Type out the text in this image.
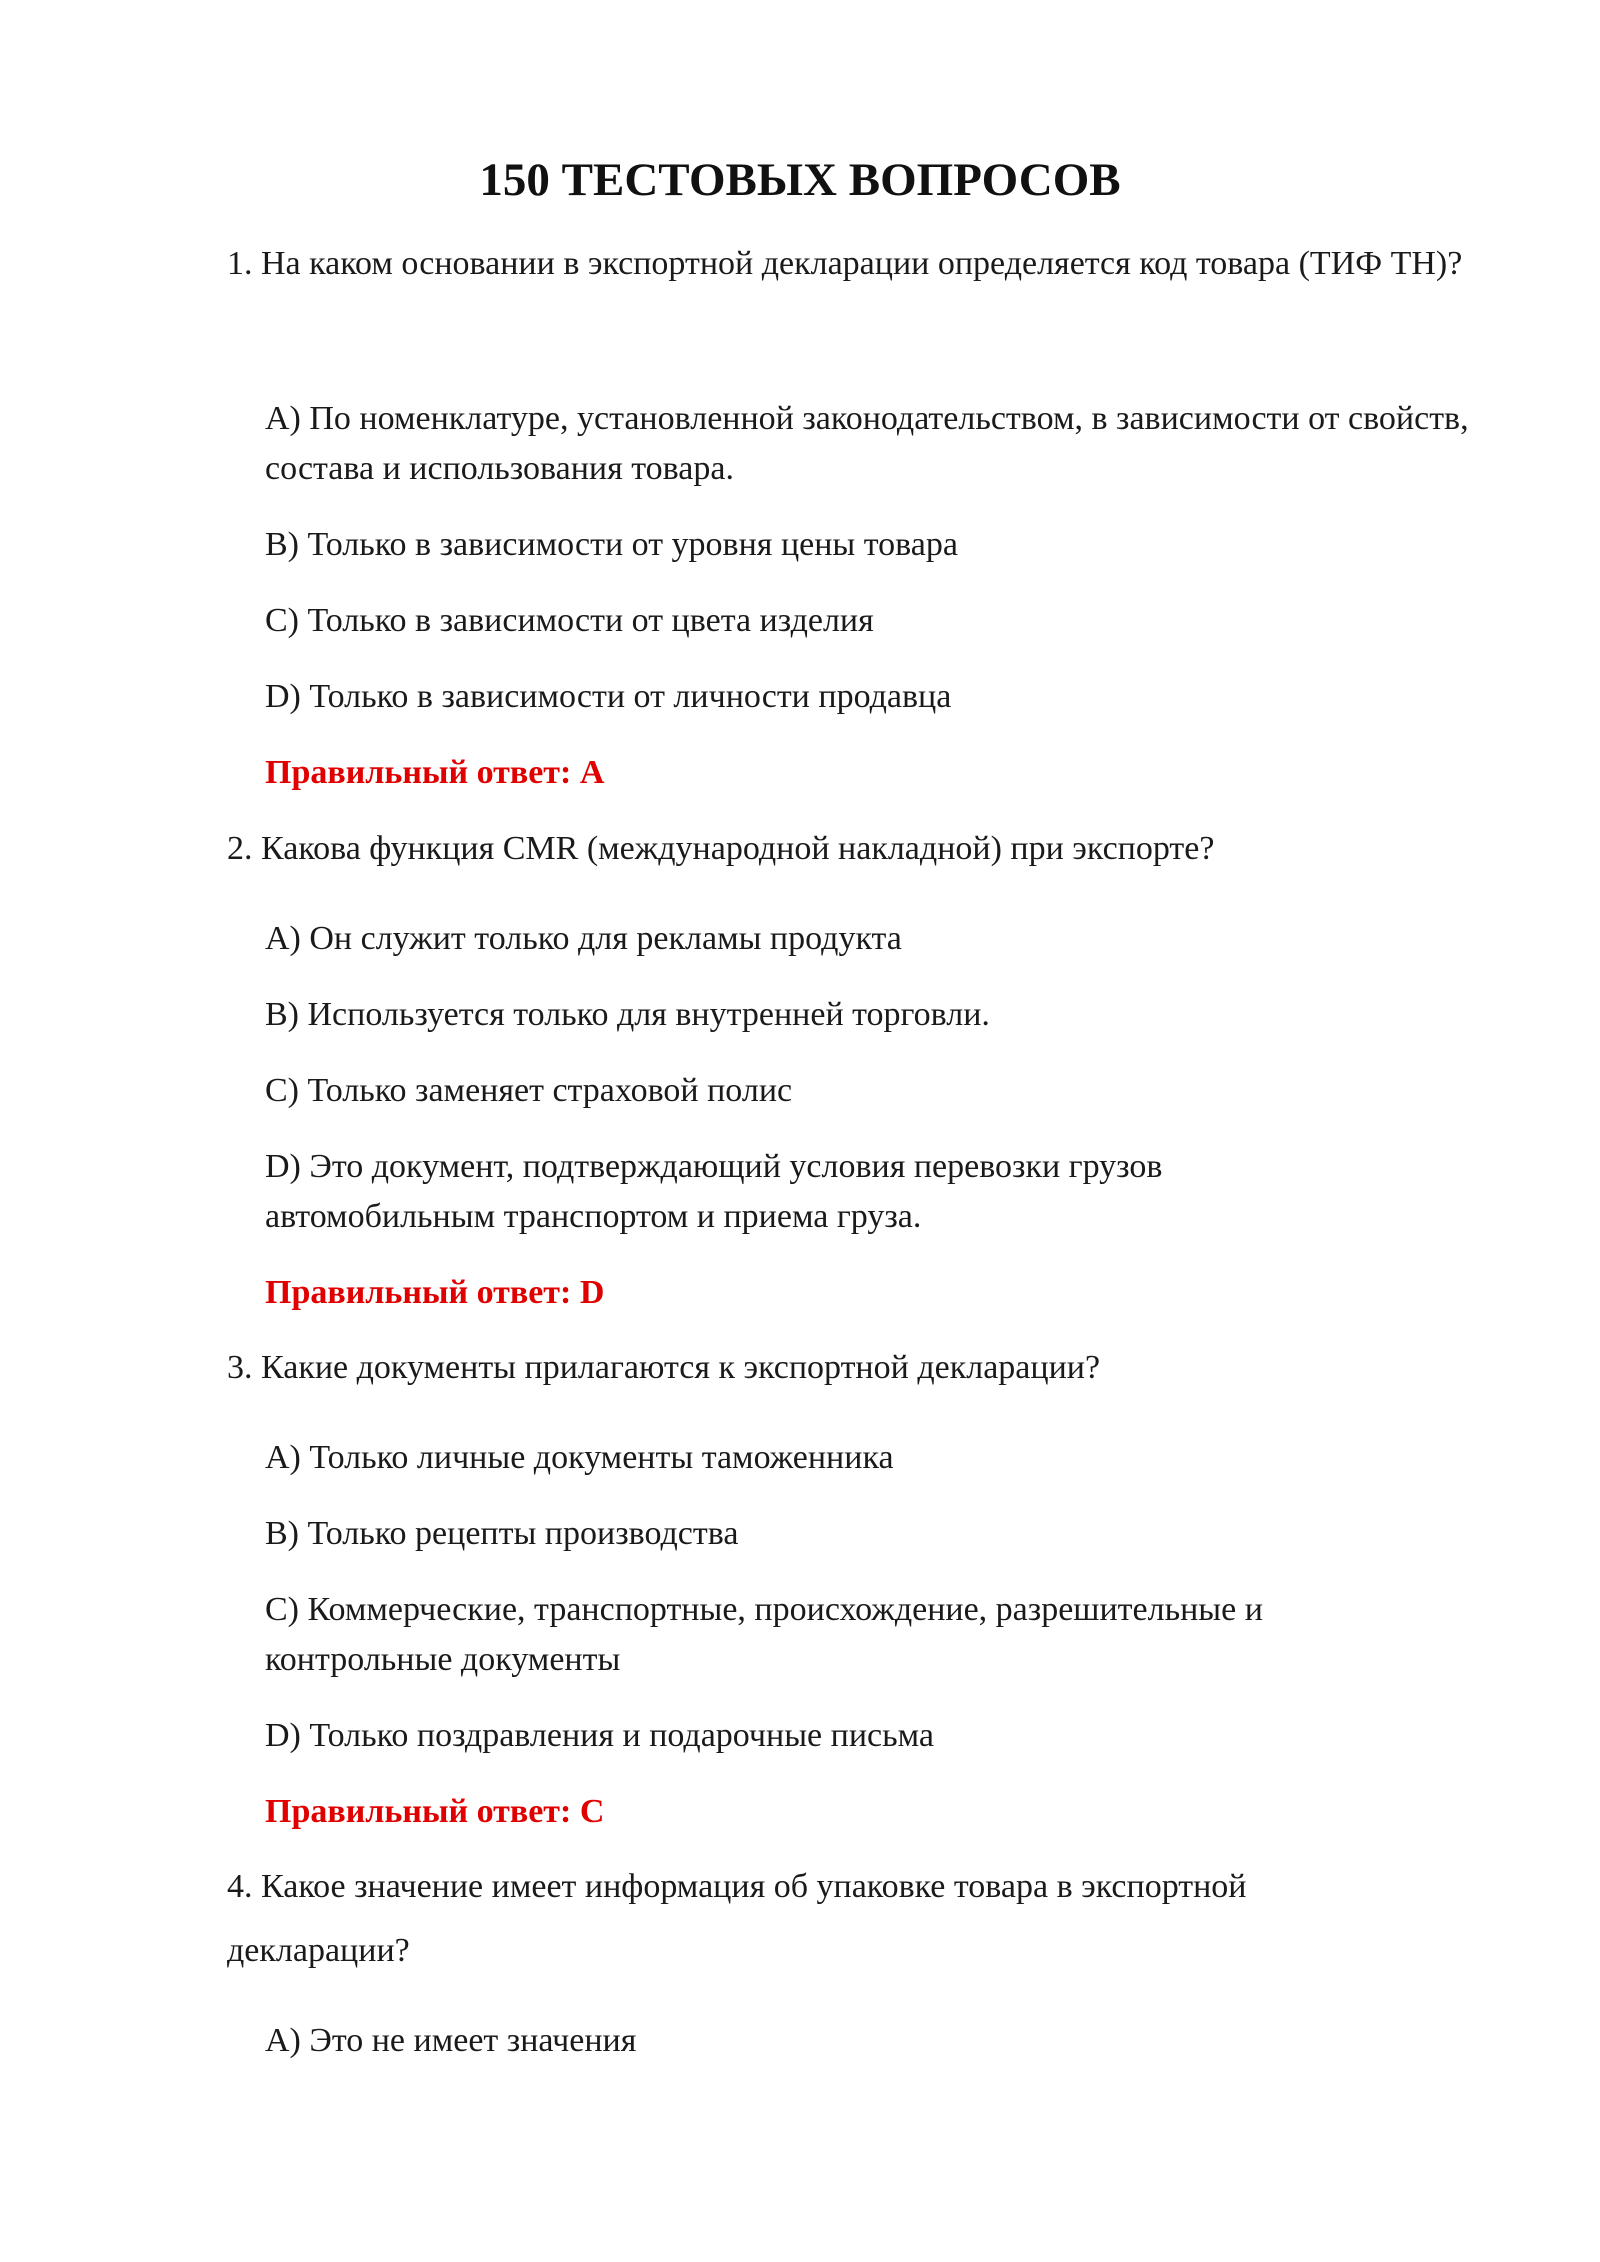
150 ТЕСТОВЫХ ВОПРОСОВ

1. На каком основании в экспортной декларации определяется код товара (ТИФ ТН)?

A) По номенклатуре, установленной законодательством, в зависимости от свойств, состава и использования товара.

B) Только в зависимости от уровня цены товара

C) Только в зависимости от цвета изделия

D) Только в зависимости от личности продавца

Правильный ответ: A

2. Какова функция CMR (международной накладной) при экспорте?

A) Он служит только для рекламы продукта

B) Используется только для внутренней торговли.

C) Только заменяет страховой полис

D) Это документ, подтверждающий условия перевозки грузов автомобильным транспортом и приема груза.

Правильный ответ: D

3. Какие документы прилагаются к экспортной декларации?

A) Только личные документы таможенника

B) Только рецепты производства

C) Коммерческие, транспортные, происхождение, разрешительные и контрольные документы

D) Только поздравления и подарочные письма

Правильный ответ: C

4. Какое значение имеет информация об упаковке товара в экспортной декларации?

A) Это не имеет значения
